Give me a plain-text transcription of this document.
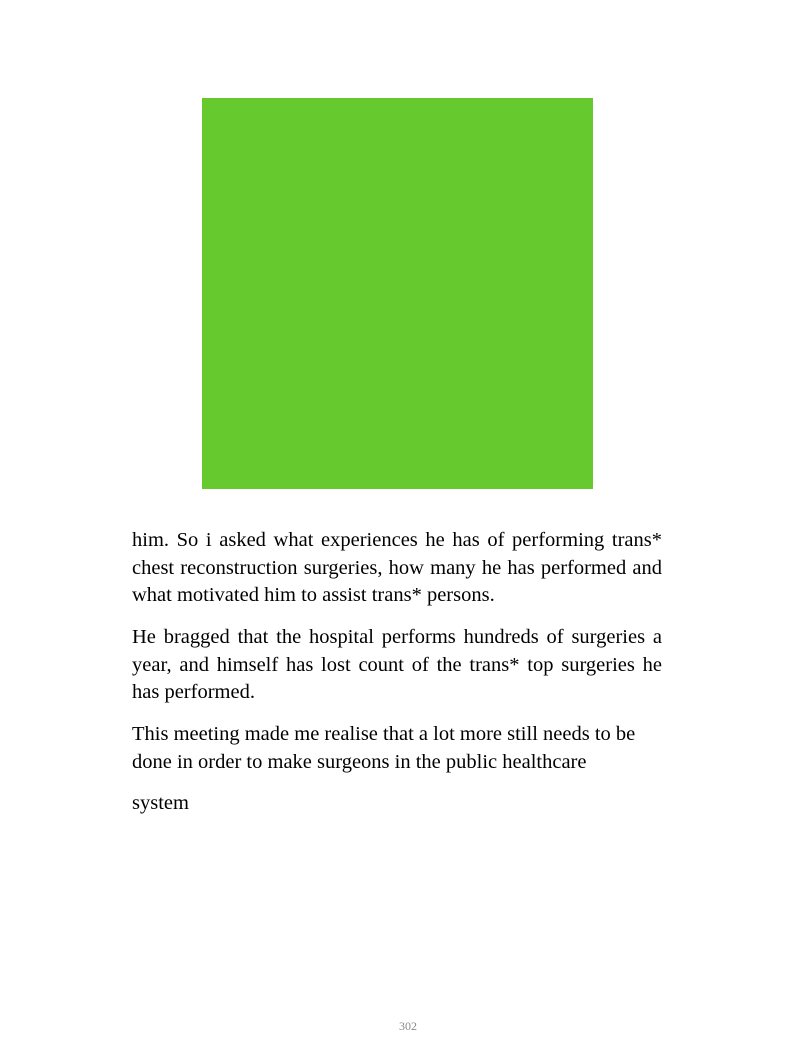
him. So i asked what experiences he has of performing trans* chest reconstruction surgeries, how many he has performed and what motivated him to assist trans* persons.

He bragged that the hospital performs hundreds of surgeries a year, and himself has lost count of the trans* top surgeries he has performed.

This meeting made me realise that a lot more still needs to be done in order to make surgeons in the public healthcare

system

302
